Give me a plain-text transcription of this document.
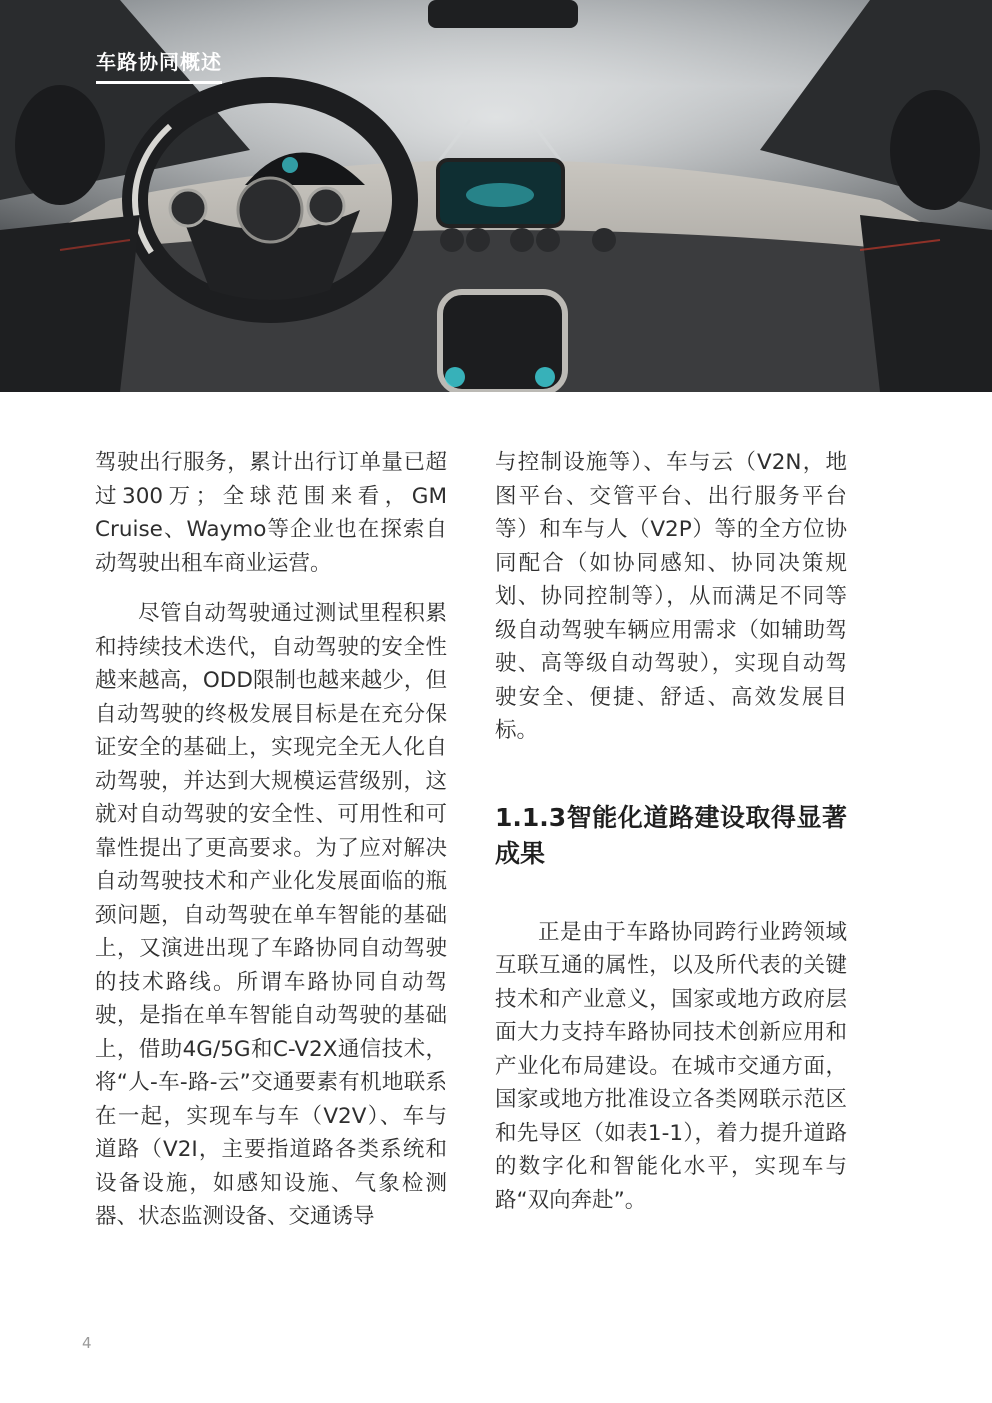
车路协同概述

驾驶出行服务，累计出行订单量已超过300万；全球范围来看，GM Cruise、Waymo等企业也在探索自动驾驶出租车商业运营。

尽管自动驾驶通过测试里程积累和持续技术迭代，自动驾驶的安全性越来越高，ODD限制也越来越少，但自动驾驶的终极发展目标是在充分保证安全的基础上，实现完全无人化自动驾驶，并达到大规模运营级别，这就对自动驾驶的安全性、可用性和可靠性提出了更高要求。为了应对解决自动驾驶技术和产业化发展面临的瓶颈问题，自动驾驶在单车智能的基础上，又演进出现了车路协同自动驾驶的技术路线。所谓车路协同自动驾驶，是指在单车智能自动驾驶的基础上，借助4G/5G和C-V2X通信技术，将“人-车-路-云”交通要素有机地联系在一起，实现车与车（V2V）、车与道路（V2I，主要指道路各类系统和设备设施，如感知设施、气象检测器、状态监测设备、交通诱导

与控制设施等）、车与云（V2N，地图平台、交管平台、出行服务平台等）和车与人（V2P）等的全方位协同配合（如协同感知、协同决策规划、协同控制等），从而满足不同等级自动驾驶车辆应用需求（如辅助驾驶、高等级自动驾驶），实现自动驾驶安全、便捷、舒适、高效发展目标。

1.1.3智能化道路建设取得显著成果

正是由于车路协同跨行业跨领域互联互通的属性，以及所代表的关键技术和产业意义，国家或地方政府层面大力支持车路协同技术创新应用和产业化布局建设。在城市交通方面，国家或地方批准设立各类网联示范区和先导区（如表1-1），着力提升道路的数字化和智能化水平，实现车与路“双向奔赴”。

4
